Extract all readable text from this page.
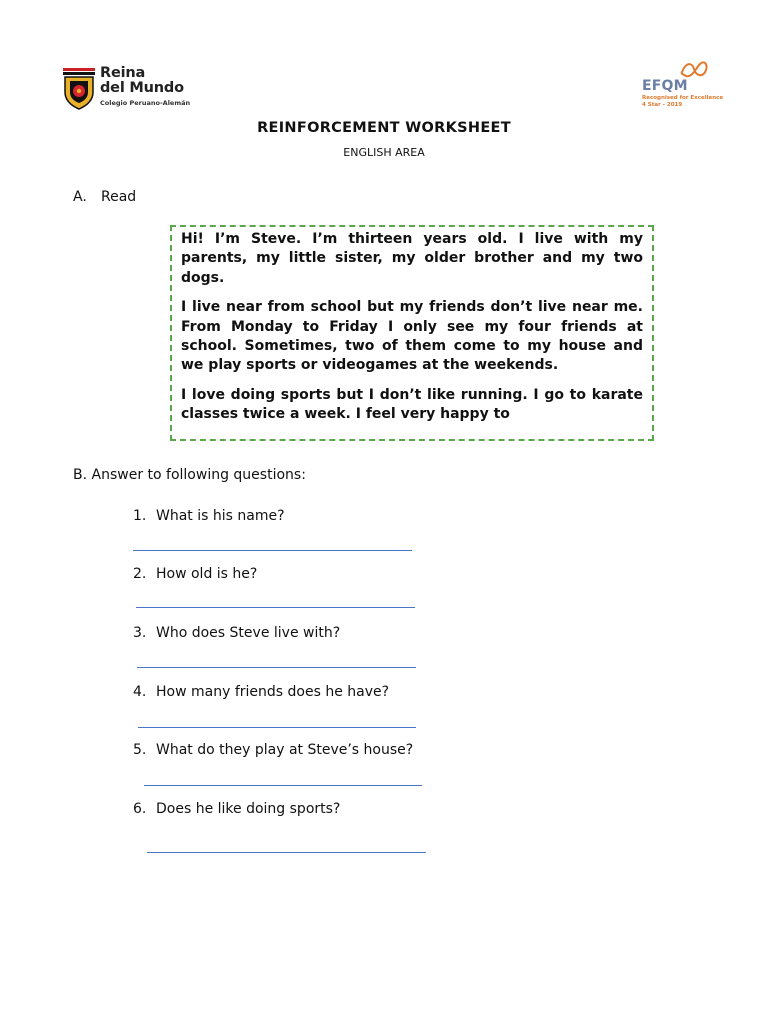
Reina
del Mundo
Colegio Peruano-Alemán
EFQM
Recognised for Excellence
4 Star - 2019
REINFORCEMENT WORKSHEET
ENGLISH AREA
A. Read

Hi! I’m Steve. I’m thirteen years old. I live with my parents, my little sister, my older brother and my two dogs.

I live near from school but my friends don’t live near me. From Monday to Friday I only see my four friends at school. Sometimes, two of them come to my house and we play sports or videogames at the weekends.

I love doing sports but I don’t like running. I go to karate classes twice a week. I feel very happy to

B. Answer to following questions:
1. What is his name?
2. How old is he?
3. Who does Steve live with?
4. How many friends does he have?
5. What do they play at Steve’s house?
6. Does he like doing sports?
